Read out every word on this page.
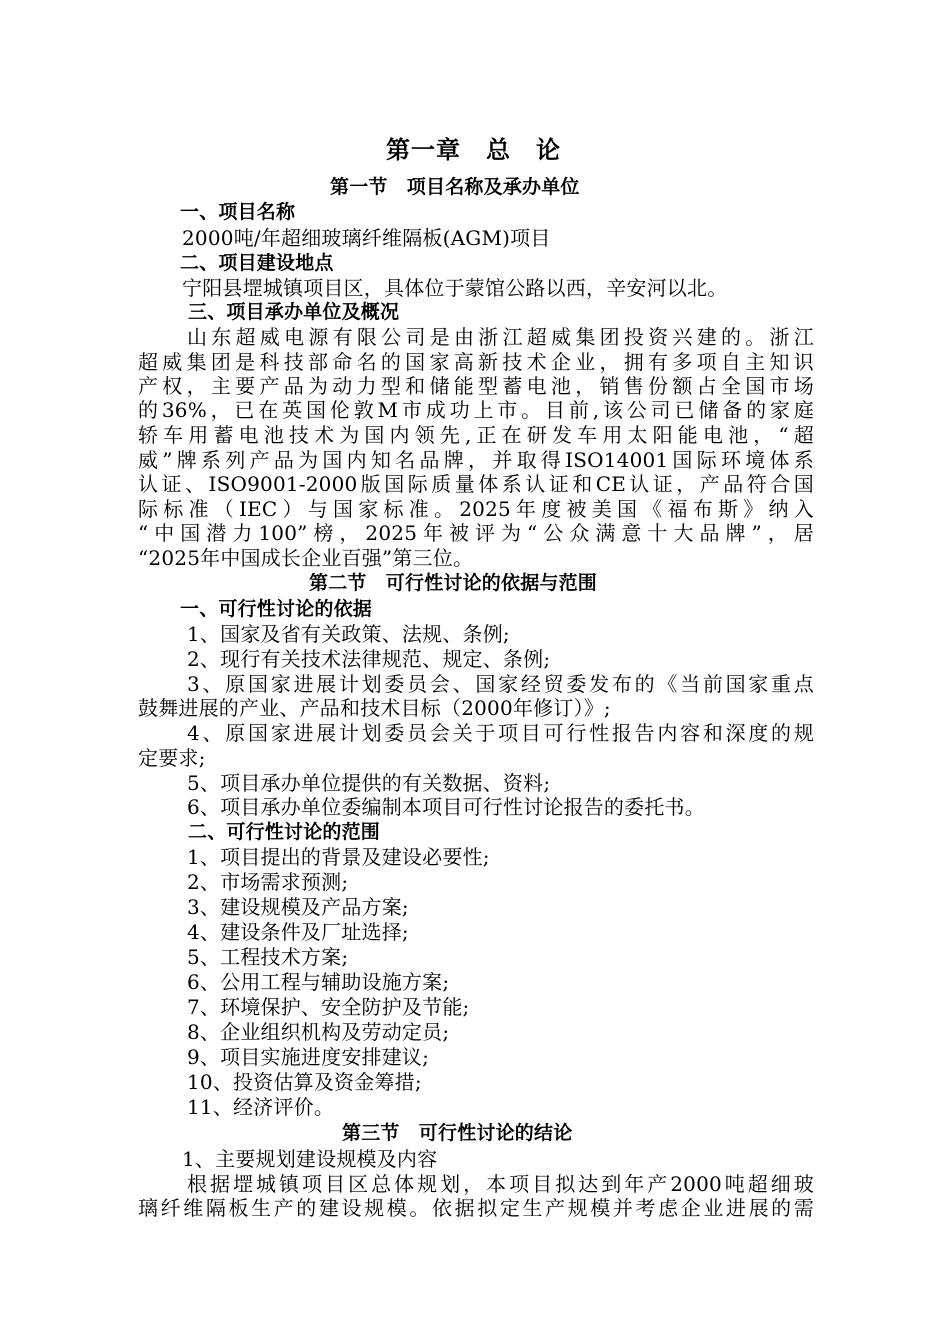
第一章　总　论
第一节　项目名称及承办单位
一、项目名称
2000吨/年超细玻璃纤维隔板(AGM)项目
二、项目建设地点
宁阳县堽城镇项目区，具体位于蒙馆公路以西，辛安河以北。
三、项目承办单位及概况
山东超威电源有限公司是由浙江超威集团投资兴建的。浙江
超威集团是科技部命名的国家高新技术企业，拥有多项自主知识
产权，主要产品为动力型和储能型蓄电池，销售份额占全国市场
的36%，已在英国伦敦M市成功上市。目前,该公司已储备的家庭
轿车用蓄电池技术为国内领先,正在研发车用太阳能电池，“超
威”牌系列产品为国内知名品牌，并取得ISO14001国际环境体系
认证、ISO9001-2000版国际质量体系认证和CE认证，产品符合国
际标准（IEC）与国家标准。2025年度被美国《福布斯》纳入
“中国潜力100”榜，2025年被评为“公众满意十大品牌”，居
“2025年中国成长企业百强”第三位。
第二节　可行性讨论的依据与范围
一、可行性讨论的依据
1、国家及省有关政策、法规、条例;
2、现行有关技术法律规范、规定、条例;
3、原国家进展计划委员会、国家经贸委发布的《当前国家重点
鼓舞进展的产业、产品和技术目标（2000年修订）》;
4、原国家进展计划委员会关于项目可行性报告内容和深度的规
定要求;
5、项目承办单位提供的有关数据、资料;
6、项目承办单位委编制本项目可行性讨论报告的委托书。
二、可行性讨论的范围
1、项目提出的背景及建设必要性;
2、市场需求预测;
3、建设规模及产品方案;
4、建设条件及厂址选择;
5、工程技术方案;
6、公用工程与辅助设施方案;
7、环境保护、安全防护及节能;
8、企业组织机构及劳动定员;
9、项目实施进度安排建议;
10、投资估算及资金筹措;
11、经济评价。
第三节　可行性讨论的结论
1、主要规划建设规模及内容
根据堽城镇项目区总体规划，本项目拟达到年产2000吨超细玻
璃纤维隔板生产的建设规模。依据拟定生产规模并考虑企业进展的需
